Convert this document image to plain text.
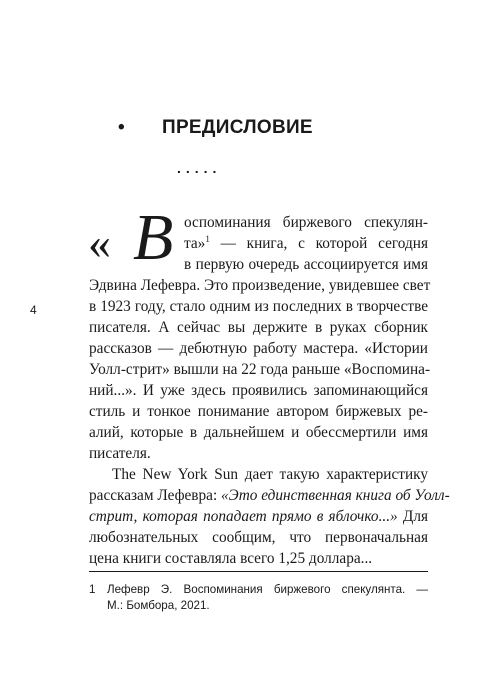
4
• ПРЕДИСЛОВИЕ
.....
« В оспоминания биржевого спекулян-
та»$^1$ — книга, с которой сегодня
в первую очередь ассоциируется имя
Эдвина Лефевра. Это произведение, увидевшее свет
в 1923 году, стало одним из последних в творчестве
писателя. А сейчас вы держите в руках сборник
рассказов — дебютную работу мастера. «Истории
Уолл-стрит» вышли на 22 года раньше «Воспомина-
ний...». И уже здесь проявились запоминающийся
стиль и тонкое понимание автором биржевых ре-
алий, которые в дальнейшем и обессмертили имя
писателя.
The New York Sun дает такую характеристику
рассказам Лефевра: «Это единственная книга об Уолл-
стрит, которая попадает прямо в яблочко...» Для
любознательных сообщим, что первоначальная
цена книги составляла всего 1,25 доллара...
1 Лефевр Э. Воспоминания биржевого спекулянта. —
М.: Бомбора, 2021.
